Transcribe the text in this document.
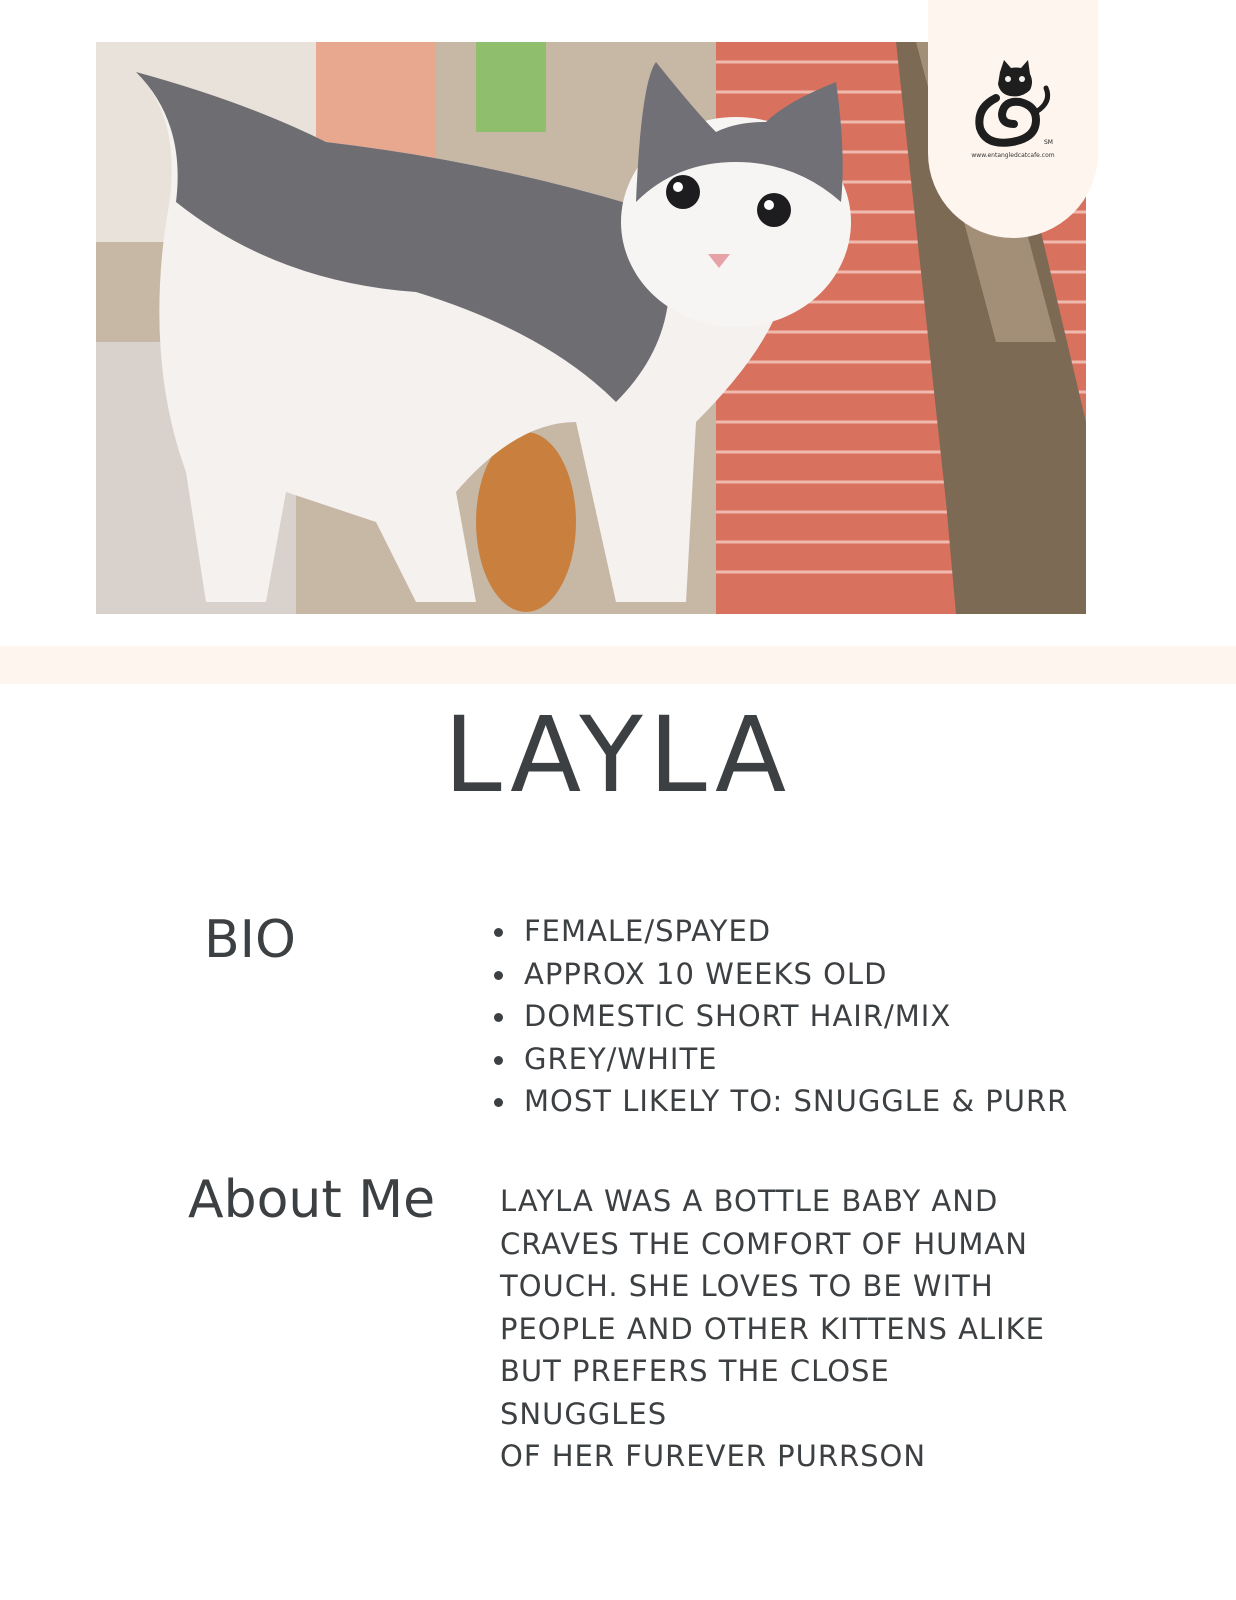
SM
www.entangledcatcafe.com
LAYLA
BIO	FEMALE/SPAYED
APPROX 10 WEEKS OLD
DOMESTIC SHORT HAIR/MIX
GREY/WHITE
MOST LIKELY TO: SNUGGLE & PURR
About Me LAYLA WAS A BOTTLE BABY AND
CRAVES THE COMFORT OF HUMAN
TOUCH. SHE LOVES TO BE WITH
PEOPLE AND OTHER KITTENS ALIKE
BUT PREFERS THE CLOSE SNUGGLES
OF HER FUREVER PURRSON
